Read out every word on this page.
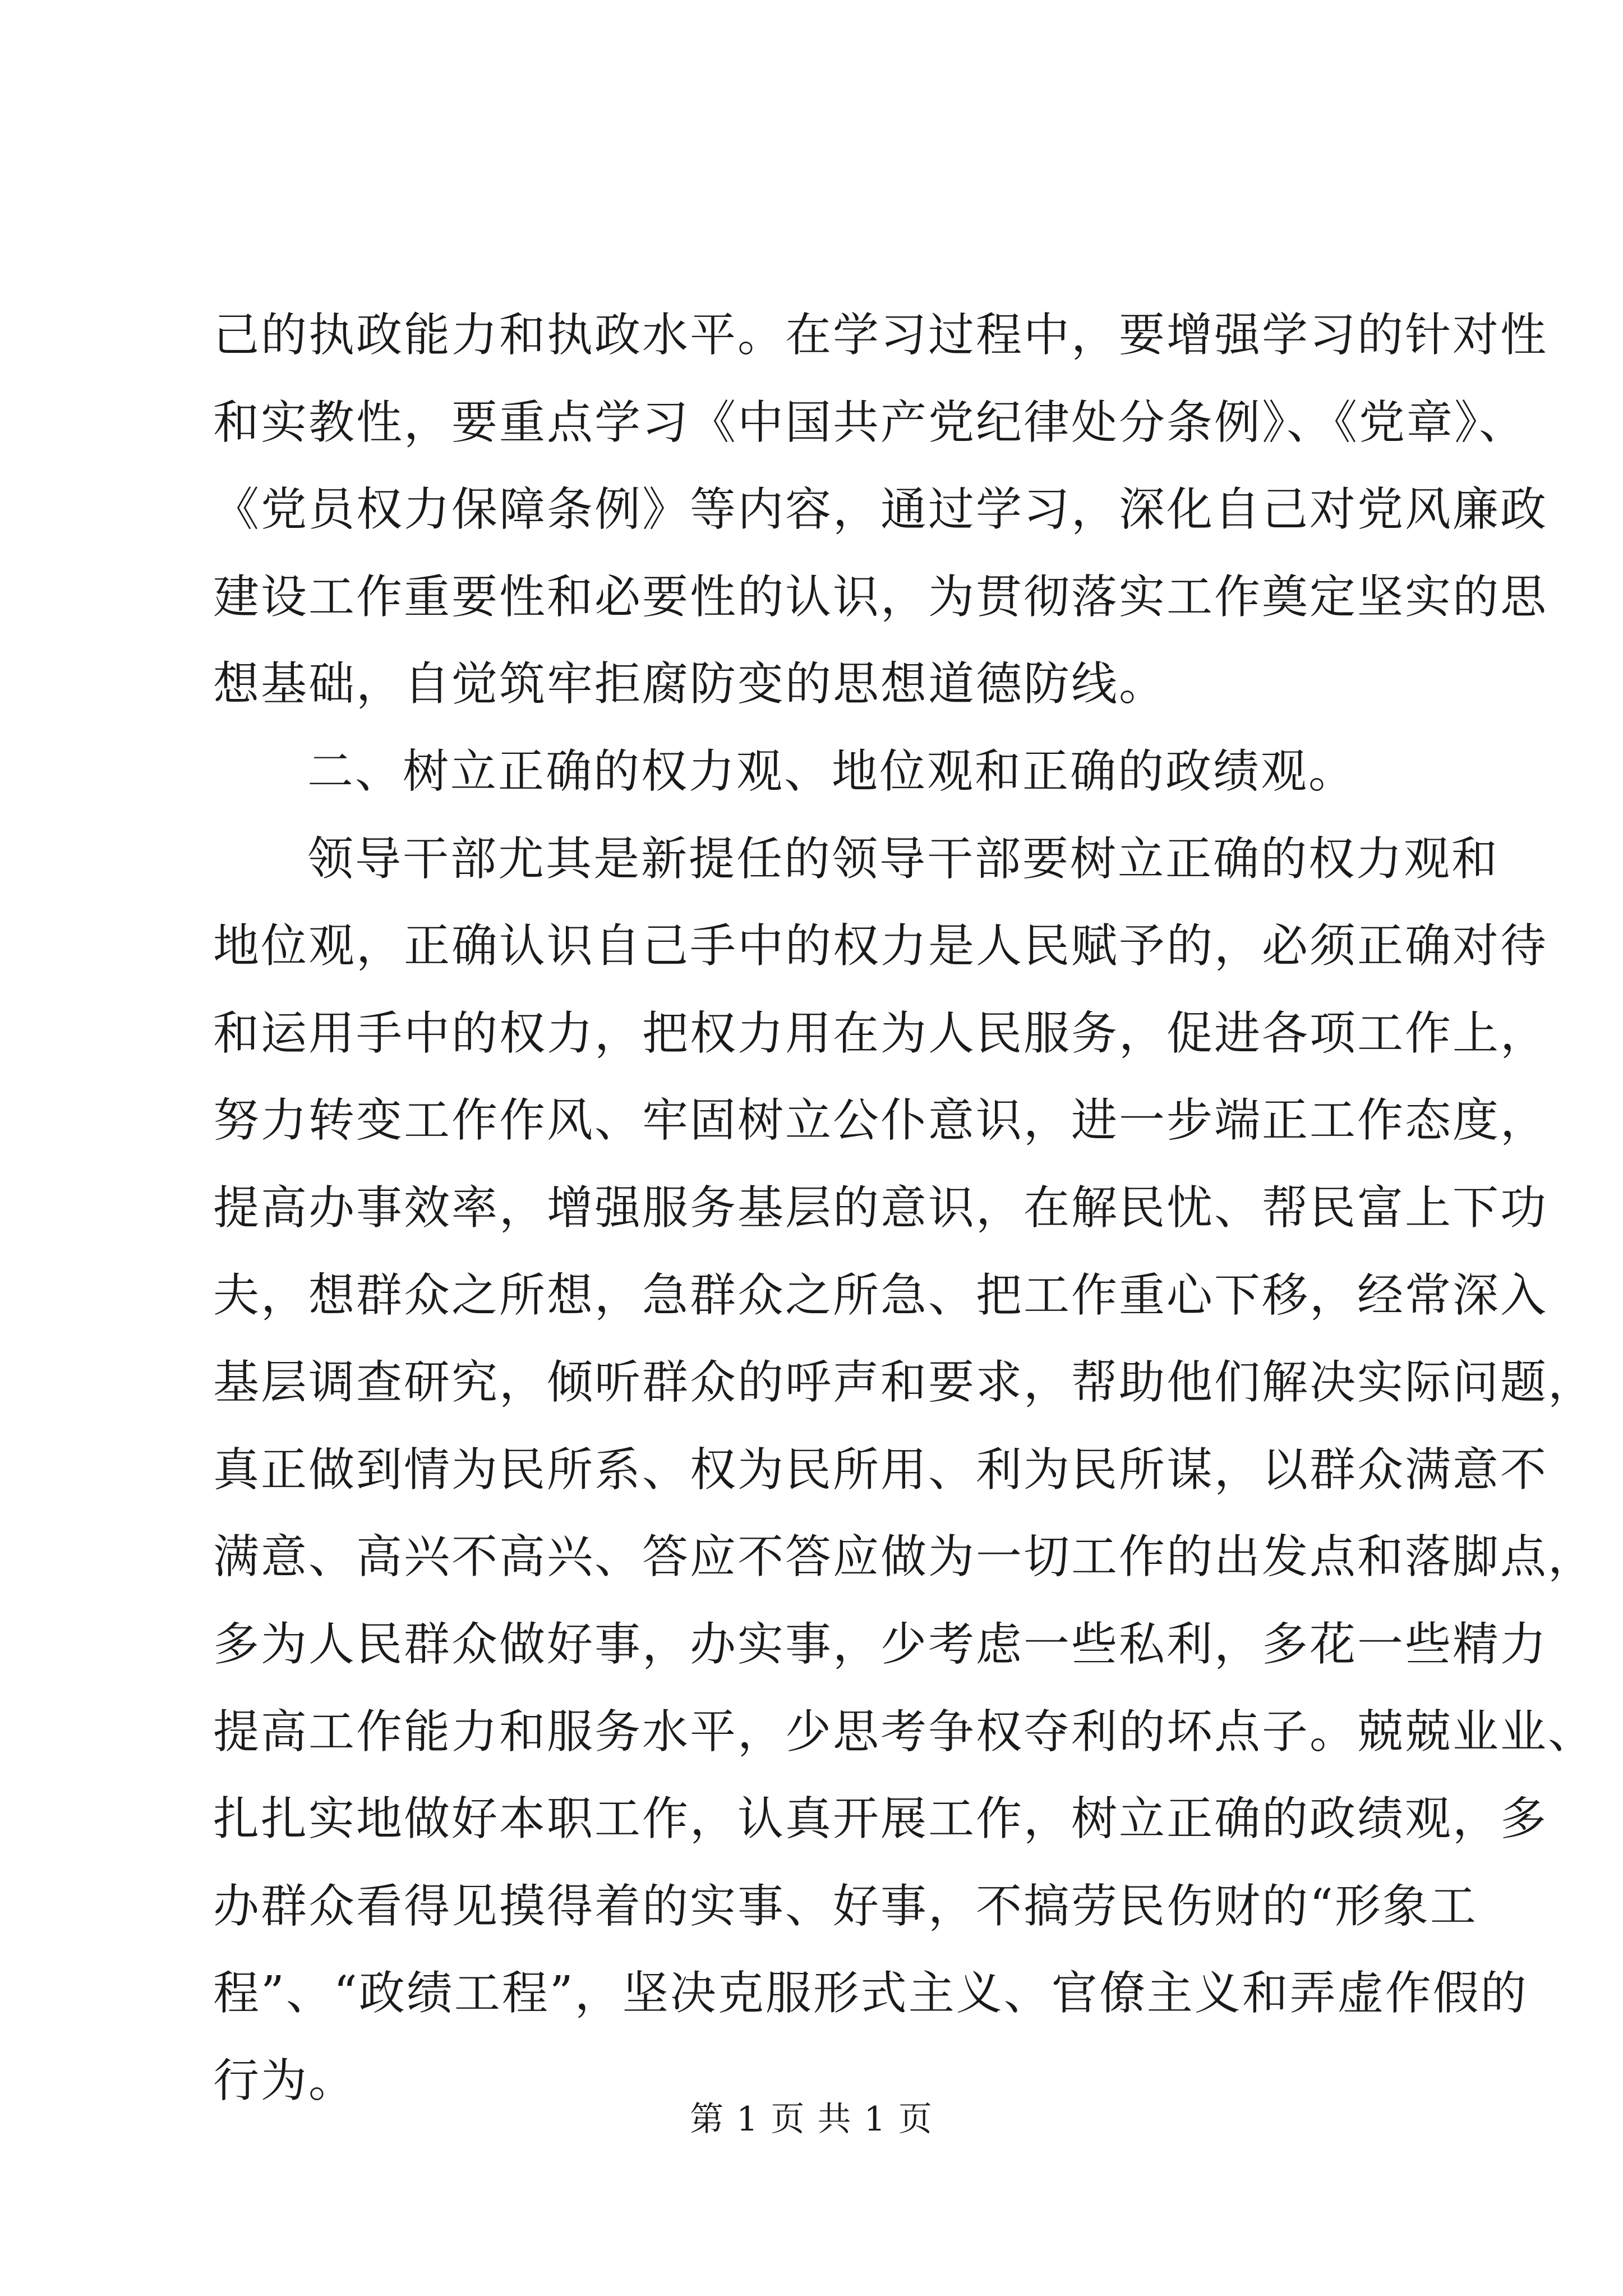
己的执政能力和执政水平。在学习过程中，要增强学习的针对性
和实教性，要重点学习《中国共产党纪律处分条例》、《党章》、
《党员权力保障条例》等内容，通过学习，深化自己对党风廉政
建设工作重要性和必要性的认识，为贯彻落实工作奠定坚实的思
想基础，自觉筑牢拒腐防变的思想道德防线。
二、树立正确的权力观、地位观和正确的政绩观。
领导干部尤其是新提任的领导干部要树立正确的权力观和
地位观，正确认识自己手中的权力是人民赋予的，必须正确对待
和运用手中的权力，把权力用在为人民服务，促进各项工作上，
努力转变工作作风、牢固树立公仆意识，进一步端正工作态度，
提高办事效率，增强服务基层的意识，在解民忧、帮民富上下功
夫，想群众之所想，急群众之所急、把工作重心下移，经常深入
基层调查研究，倾听群众的呼声和要求，帮助他们解决实际问题，
真正做到情为民所系、权为民所用、利为民所谋，以群众满意不
满意、高兴不高兴、答应不答应做为一切工作的出发点和落脚点，
多为人民群众做好事，办实事，少考虑一些私利，多花一些精力
提高工作能力和服务水平，少思考争权夺利的坏点子。兢兢业业、
扎扎实地做好本职工作，认真开展工作，树立正确的政绩观，多
办群众看得见摸得着的实事、好事，不搞劳民伤财的“形象工
程”、“政绩工程”，坚决克服形式主义、官僚主义和弄虚作假的
行为。
第 1 页 共 1 页
